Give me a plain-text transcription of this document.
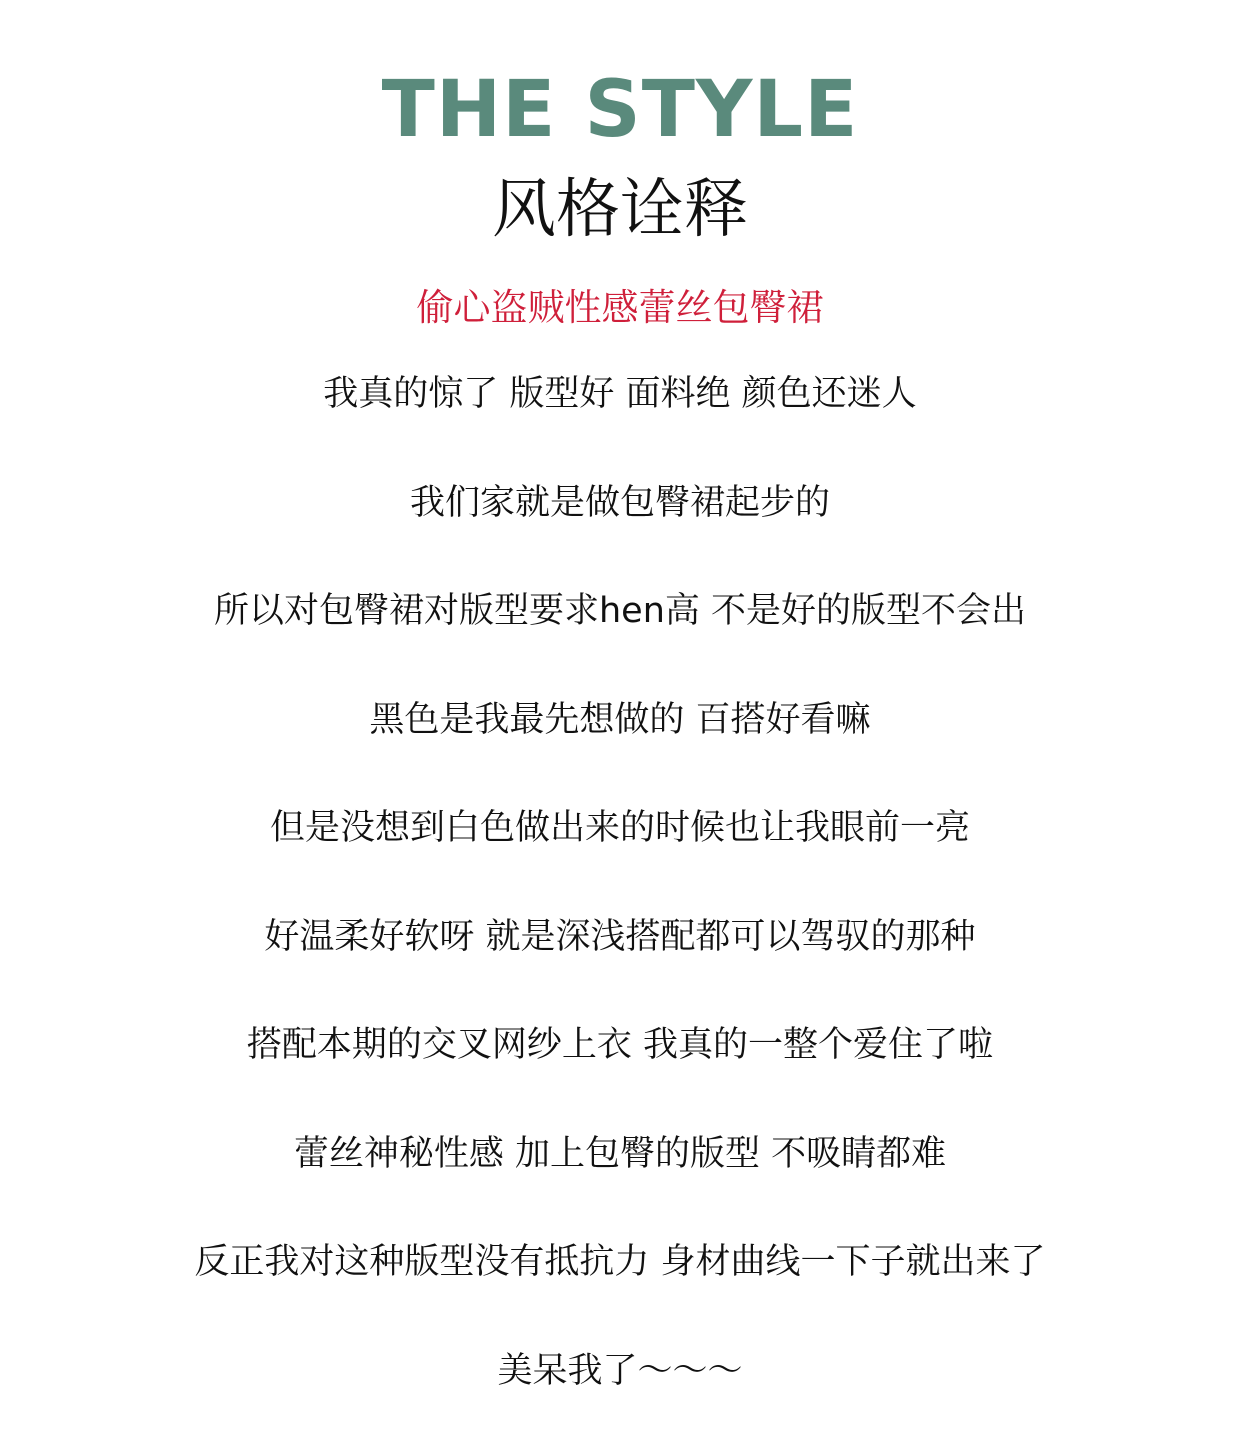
THE STYLE
风格诠释
偷心盗贼性感蕾丝包臀裙
我真的惊了 版型好 面料绝 颜色还迷人
我们家就是做包臀裙起步的
所以对包臀裙对版型要求hen高 不是好的版型不会出
黑色是我最先想做的 百搭好看嘛
但是没想到白色做出来的时候也让我眼前一亮
好温柔好软呀 就是深浅搭配都可以驾驭的那种
搭配本期的交叉网纱上衣 我真的一整个爱住了啦
蕾丝神秘性感 加上包臀的版型 不吸睛都难
反正我对这种版型没有抵抗力 身材曲线一下子就出来了
美呆我了～～～
